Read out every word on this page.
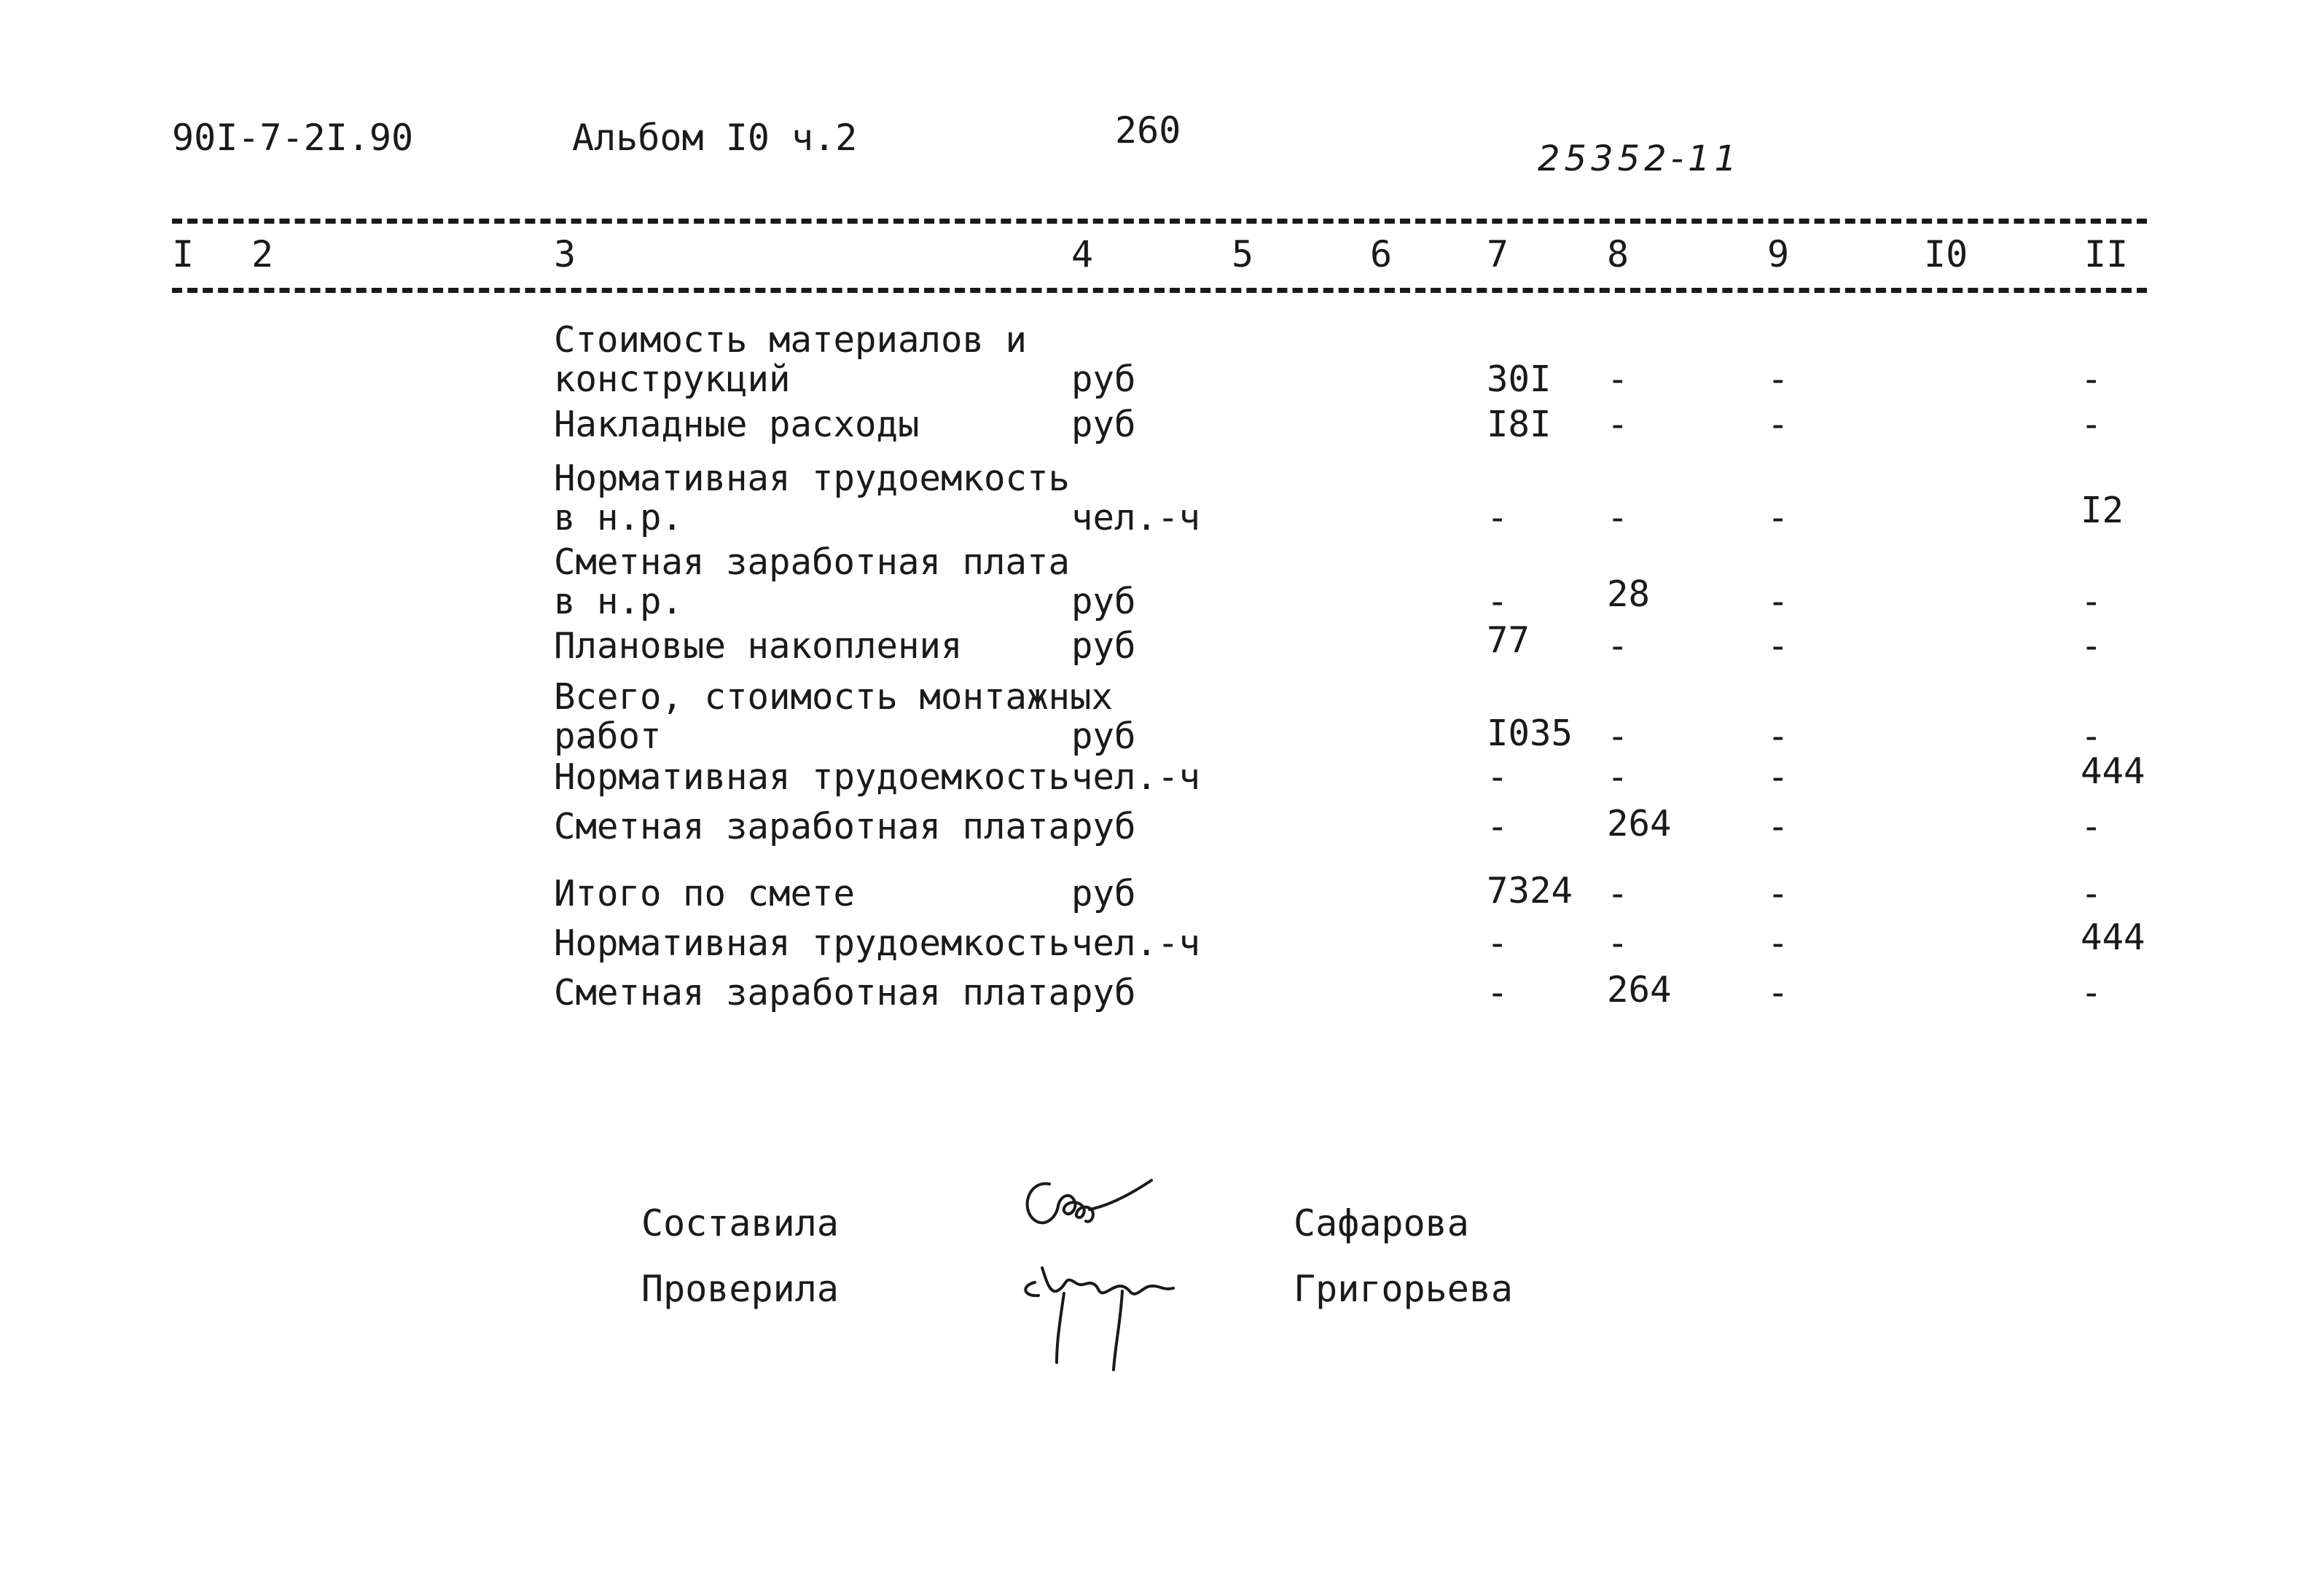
90I-7-2I.90	Альбом I0 ч.2	260
25352-11
I 2	3	4	5	6	7	8	9	I0	II
Стоимость материалов и
конструкций	руб	30I -	-	-
Накладные расходы	руб	I8I -	-	-
Нормативная трудоемкость
в н.р.	чел.-ч	-	-	-	I2
Сметная заработная плата
в н.р.	руб	-	28	-	-
Плановые накопления	руб	77 -	-	-
Всего, стоимость монтажных
работ	руб	I035 -	-	-
Нормативная трудоемкость чел.-ч	-	-	-	444
Сметная заработная плата руб	-	264	-	-
Итого по смете	руб	7324 -	-	-
Нормативная трудоемкость чел.-ч	-	-	-	444
Сметная заработная плата руб	-	264	-	-
Составила	Сафарова
Проверила	Григорьева
